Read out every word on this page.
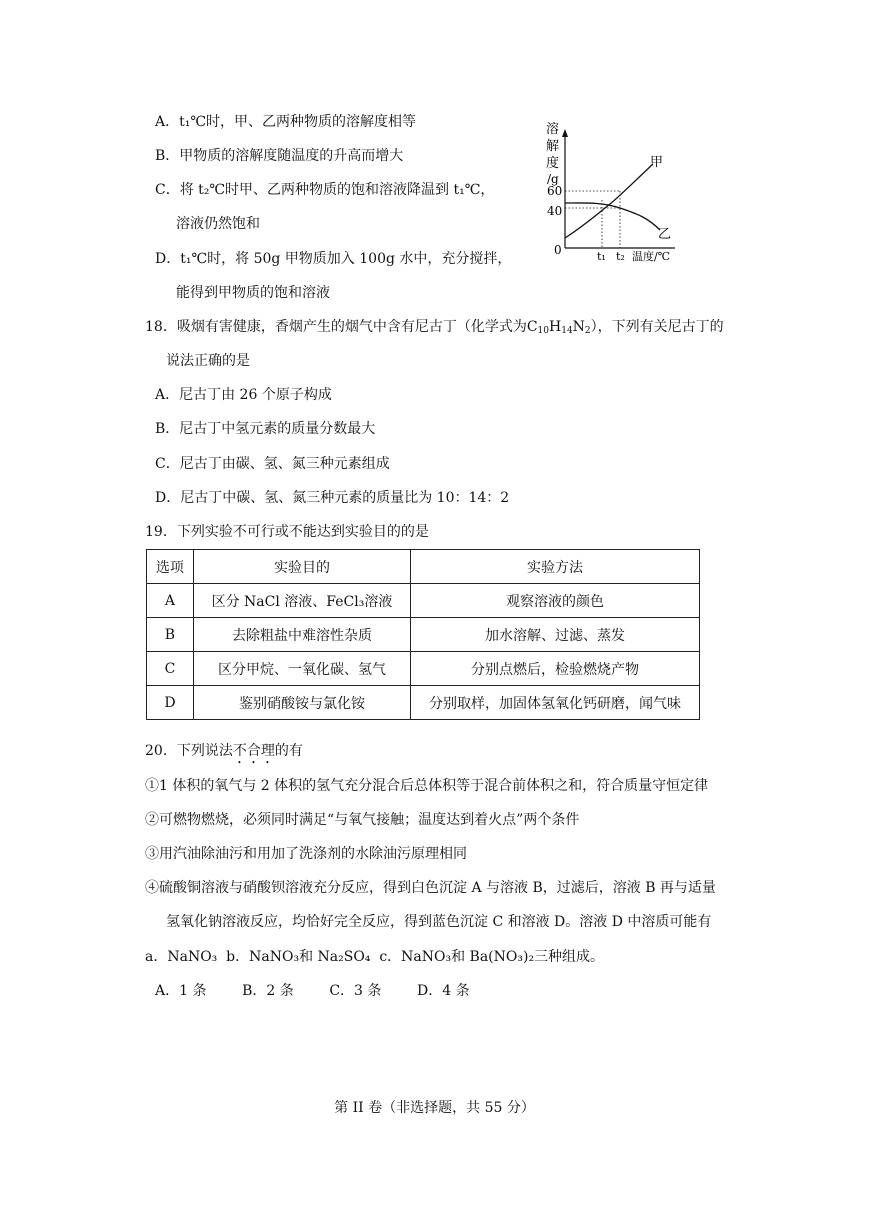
A．t₁℃时，甲、乙两种物质的溶解度相等
B．甲物质的溶解度随温度的升高而增大
C．将 t₂℃时甲、乙两种物质的饱和溶液降温到 t₁℃，
溶液仍然饱和
D．t₁℃时，将 50g 甲物质加入 100g 水中，充分搅拌，
能得到甲物质的饱和溶液
溶
解
度
/g
60
40
0	t₁ t₂ 温度/℃
甲
乙
18．吸烟有害健康，香烟产生的烟气中含有尼古丁（化学式为$C_{10}H_{14}N_2$），下列有关尼古丁的
说法正确的是
A．尼古丁由 26 个原子构成
B．尼古丁中氢元素的质量分数最大
C．尼古丁由碳、氢、氮三种元素组成
D．尼古丁中碳、氢、氮三种元素的质量比为 10：14：2
19．下列实验不可行或不能达到实验目的的是
选项	实验目的	实验方法
A	区分 NaCl 溶液、FeCl₃溶液	观察溶液的颜色
B	去除粗盐中难溶性杂质	加水溶解、过滤、蒸发
C	区分甲烷、一氧化碳、氢气	分别点燃后，检验燃烧产物
D	鉴别硝酸铵与氯化铵	分别取样，加固体氢氧化钙研磨，闻气味
20．下列说法不合理的有
①1 体积的氧气与 2 体积的氢气充分混合后总体积等于混合前体积之和，符合质量守恒定律
②可燃物燃烧，必须同时满足“与氧气接触；温度达到着火点”两个条件
③用汽油除油污和用加了洗涤剂的水除油污原理相同
④硫酸铜溶液与硝酸钡溶液充分反应，得到白色沉淀 A 与溶液 B，过滤后，溶液 B 再与适量
氢氧化钠溶液反应，均恰好完全反应，得到蓝色沉淀 C 和溶液 D。溶液 D 中溶质可能有
a．NaNO₃  b．NaNO₃和 Na₂SO₄  c．NaNO₃和 Ba(NO₃)₂三种组成。
A．1 条        B．2 条        C．3 条        D．4 条
第 II 卷（非选择题，共 55 分）
